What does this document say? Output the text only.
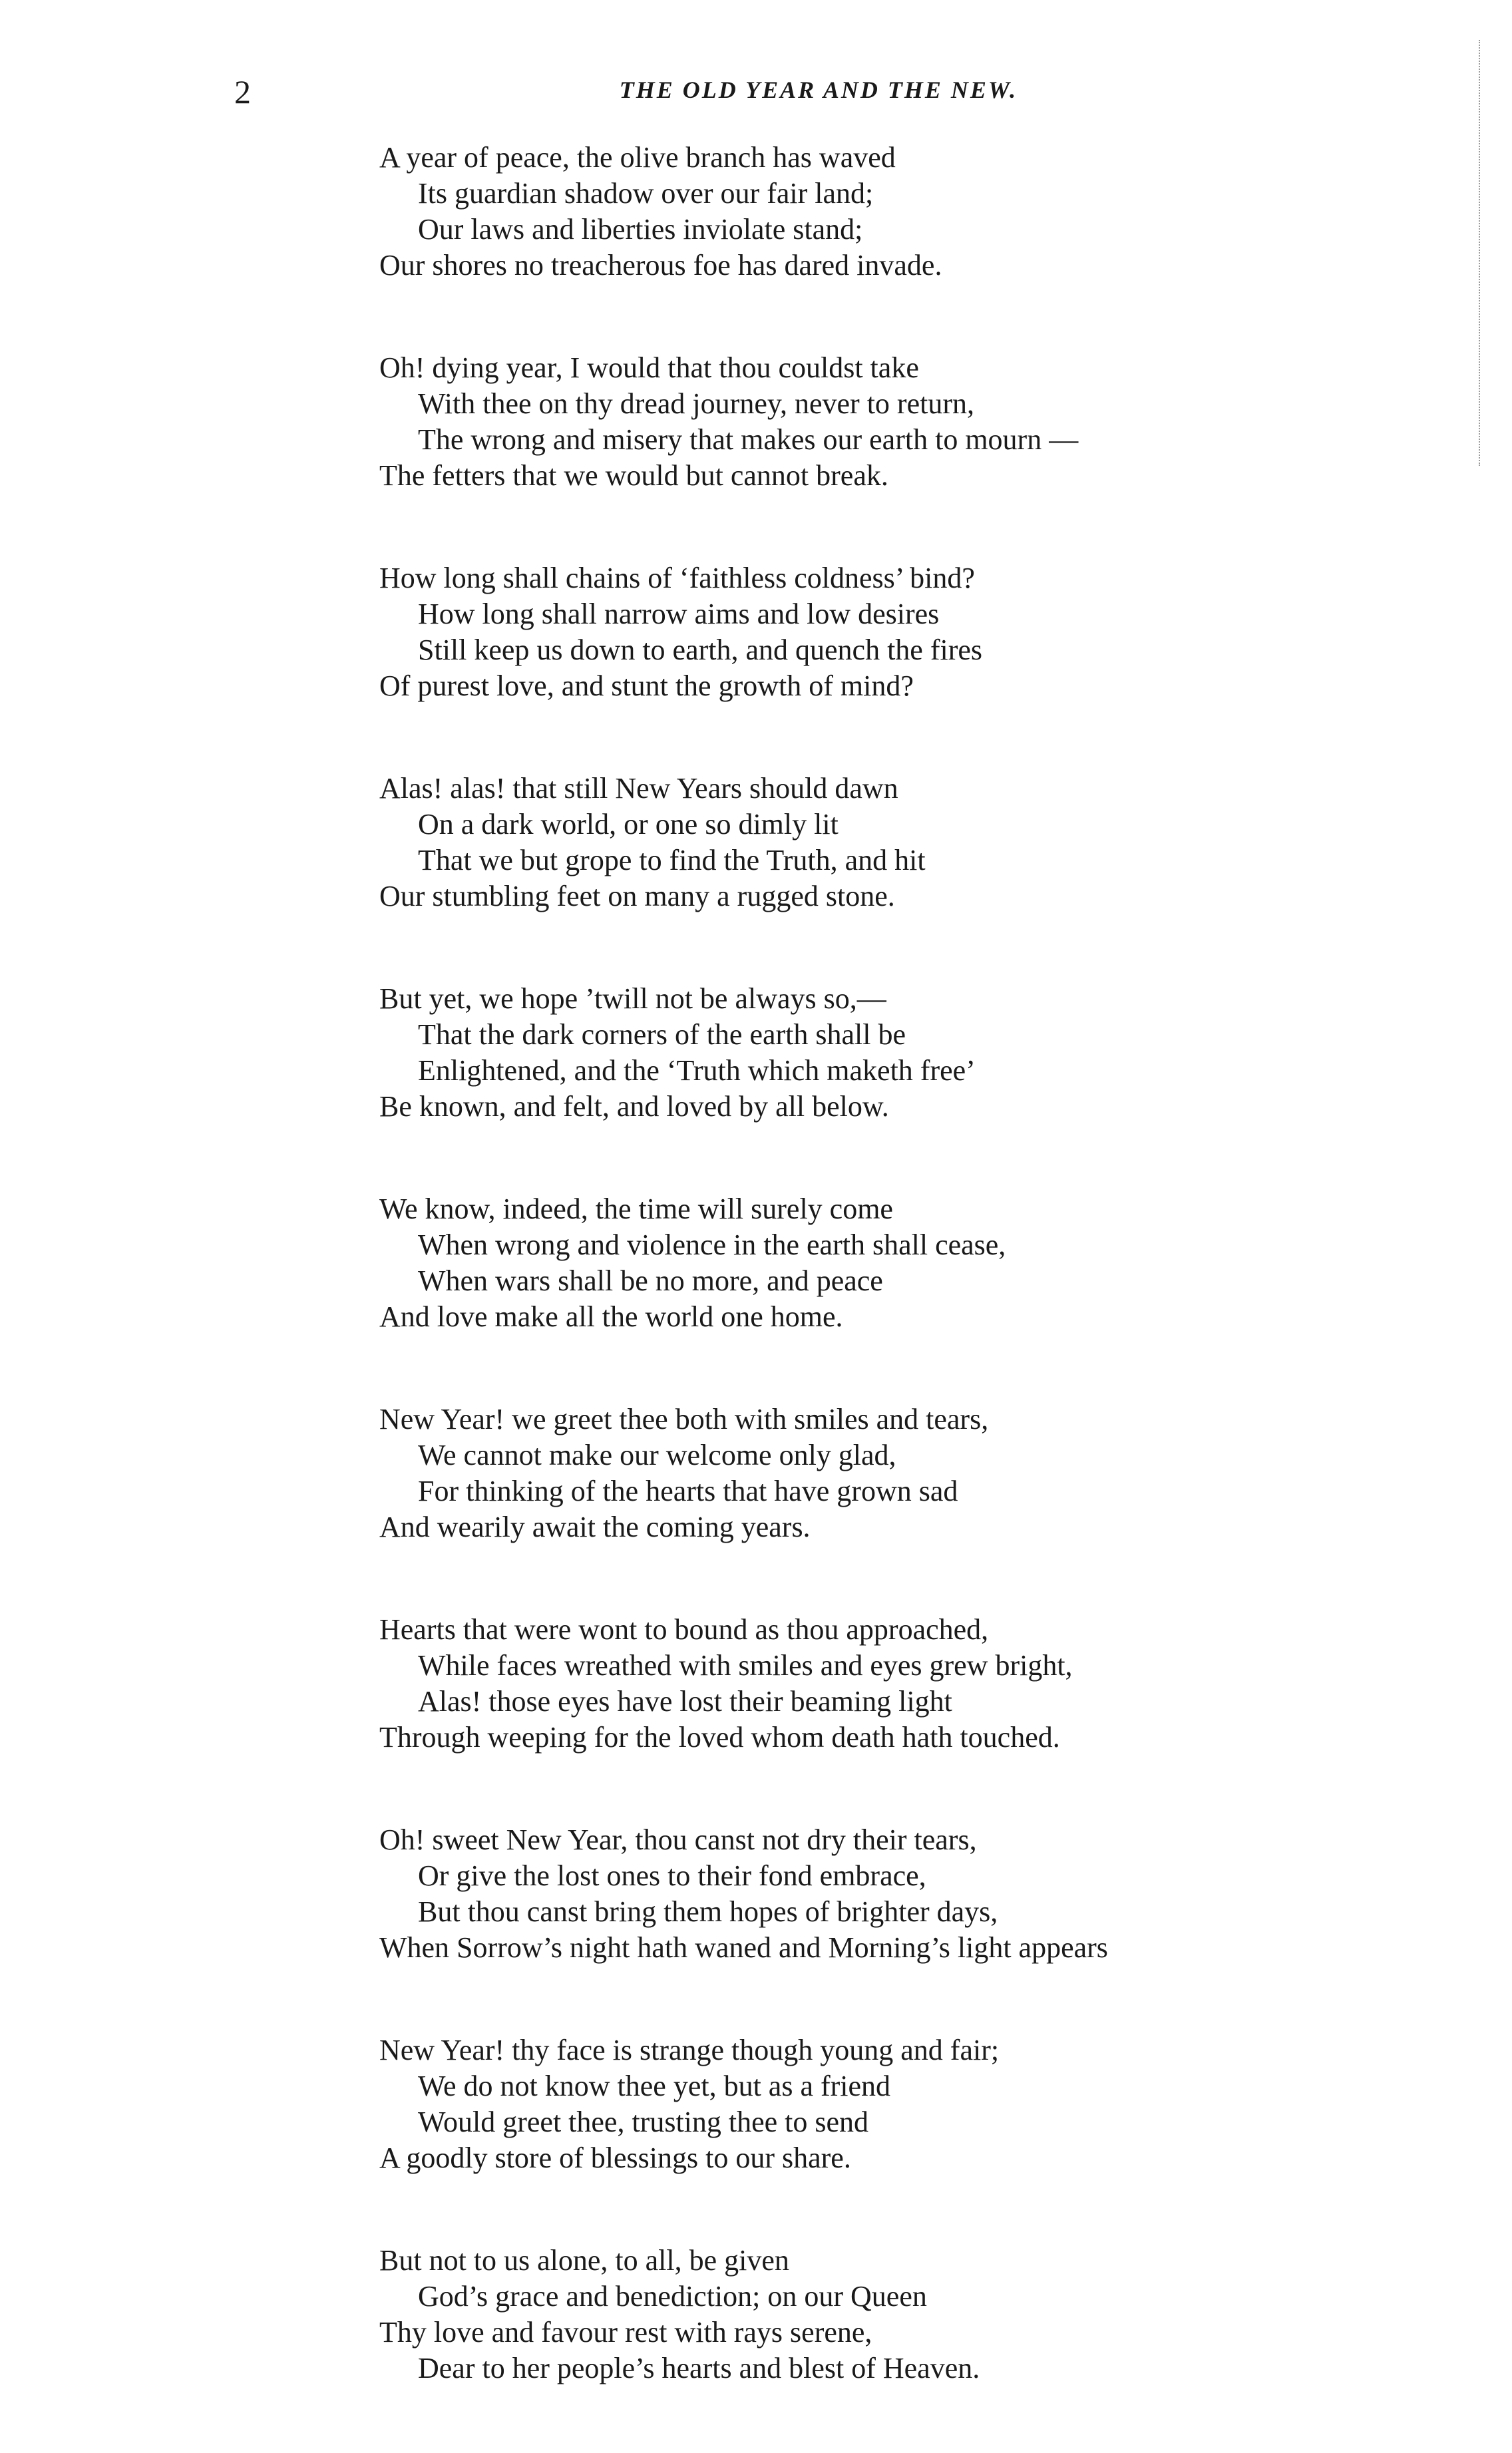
2	THE OLD YEAR AND THE NEW.
A year of peace, the olive branch has waved
Its guardian shadow over our fair land;
Our laws and liberties inviolate stand;
Our shores no treacherous foe has dared invade.
Oh! dying year, I would that thou couldst take
With thee on thy dread journey, never to return,
The wrong and misery that makes our earth to mourn —
The fetters that we would but cannot break.
How long shall chains of ‘faithless coldness’ bind?
How long shall narrow aims and low desires
Still keep us down to earth, and quench the fires
Of purest love, and stunt the growth of mind?
Alas! alas! that still New Years should dawn
On a dark world, or one so dimly lit
That we but grope to find the Truth, and hit
Our stumbling feet on many a rugged stone.
But yet, we hope ’twill not be always so,—
That the dark corners of the earth shall be
Enlightened, and the ‘Truth which maketh free’
Be known, and felt, and loved by all below.
We know, indeed, the time will surely come
When wrong and violence in the earth shall cease,
When wars shall be no more, and peace
And love make all the world one home.
New Year! we greet thee both with smiles and tears,
We cannot make our welcome only glad,
For thinking of the hearts that have grown sad
And wearily await the coming years.
Hearts that were wont to bound as thou approached,
While faces wreathed with smiles and eyes grew bright,
Alas! those eyes have lost their beaming light
Through weeping for the loved whom death hath touched.
Oh! sweet New Year, thou canst not dry their tears,
Or give the lost ones to their fond embrace,
But thou canst bring them hopes of brighter days,
When Sorrow’s night hath waned and Morning’s light appears
New Year! thy face is strange though young and fair;
We do not know thee yet, but as a friend
Would greet thee, trusting thee to send
A goodly store of blessings to our share.
But not to us alone, to all, be given
God’s grace and benediction; on our Queen
Thy love and favour rest with rays serene,
Dear to her people’s hearts and blest of Heaven.
